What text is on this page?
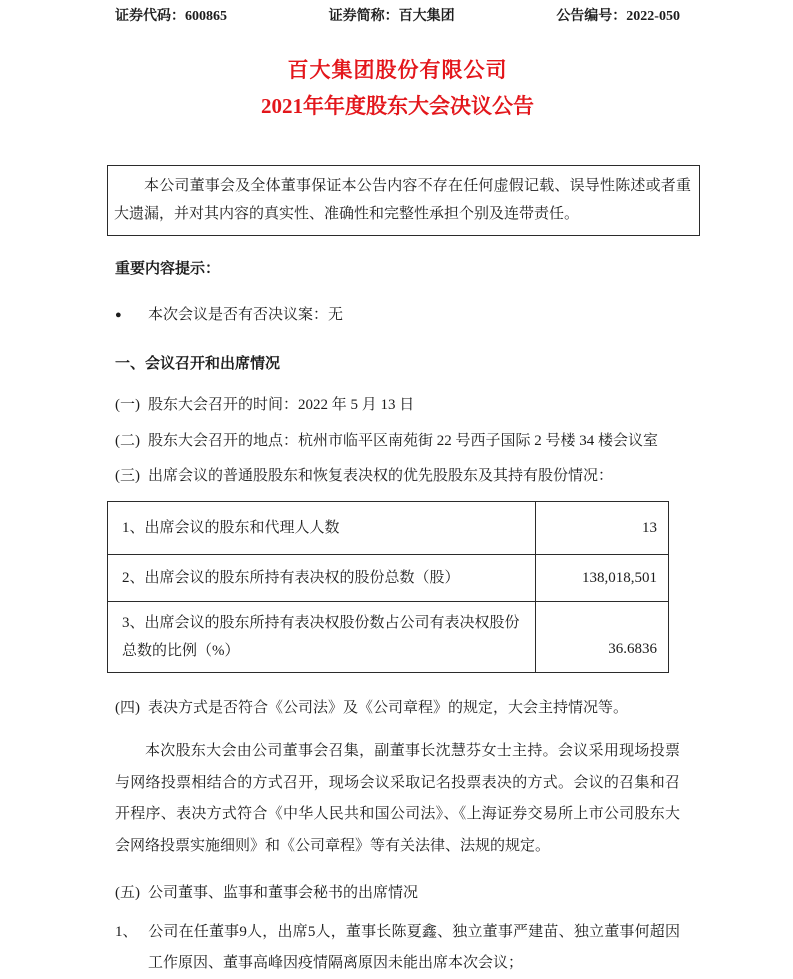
证券代码：600865	证券简称：百大集团	公告编号：2022-050
百大集团股份有限公司
2021年年度股东大会决议公告

本公司董事会及全体董事保证本公告内容不存在任何虚假记载、误导性陈述或者重大遗漏，并对其内容的真实性、准确性和完整性承担个别及连带责任。

重要内容提示：

● 本次会议是否有否决议案：无

一、会议召开和出席情况

(一) 股东大会召开的时间：2022 年 5 月 13 日

(二) 股东大会召开的地点：杭州市临平区南苑街 22 号西子国际 2 号楼 34 楼会议室

(三) 出席会议的普通股股东和恢复表决权的优先股股东及其持有股份情况：

1、出席会议的股东和代理人人数	13
2、出席会议的股东所持有表决权的股份总数（股）	138,018,501
3、出席会议的股东所持有表决权股份数占公司有表决权股份总数的比例（%）	36.6836

(四) 表决方式是否符合《公司法》及《公司章程》的规定，大会主持情况等。

本次股东大会由公司董事会召集，副董事长沈慧芬女士主持。会议采用现场投票与网络投票相结合的方式召开，现场会议采取记名投票表决的方式。会议的召集和召开程序、表决方式符合《中华人民共和国公司法》、《上海证券交易所上市公司股东大会网络投票实施细则》和《公司章程》等有关法律、法规的规定。

(五) 公司董事、监事和董事会秘书的出席情况

1、 公司在任董事9人，出席5人，董事长陈夏鑫、独立董事严建苗、独立董事何超因工作原因、董事高峰因疫情隔离原因未能出席本次会议；
